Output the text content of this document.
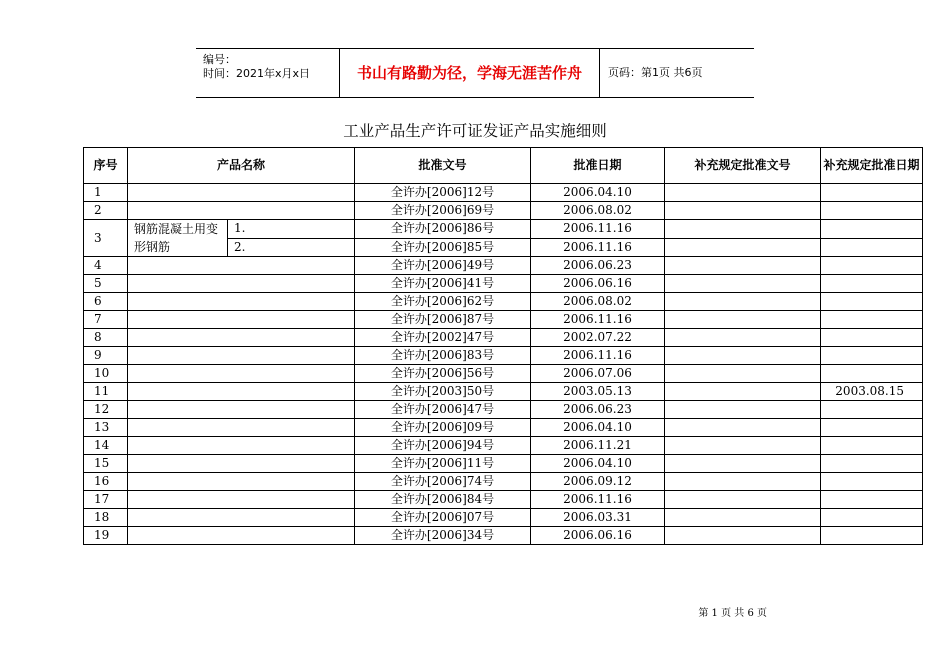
编号：
时间：2021年x月x日	书山有路勤为径，学海无涯苦作舟	页码：第1页 共6页
工业产品生产许可证发证产品实施细则
序号	产品名称		批准文号	批准日期	补充规定批准文号	补充规定批准日期
1			全许办[2006]12号	2006.04.10		
2			全许办[2006]69号	2006.08.02		
3	钢筋混凝土用变形钢筋	1.	全许办[2006]86号	2006.11.16		
		2.	全许办[2006]85号	2006.11.16		
4			全许办[2006]49号	2006.06.23		
5			全许办[2006]41号	2006.06.16		
6			全许办[2006]62号	2006.08.02		
7			全许办[2006]87号	2006.11.16		
8			全许办[2002]47号	2002.07.22		
9			全许办[2006]83号	2006.11.16		
10			全许办[2006]56号	2006.07.06		
11			全许办[2003]50号	2003.05.13		2003.08.15
12			全许办[2006]47号	2006.06.23		
13			全许办[2006]09号	2006.04.10		
14			全许办[2006]94号	2006.11.21		
15			全许办[2006]11号	2006.04.10		
16			全许办[2006]74号	2006.09.12		
17			全许办[2006]84号	2006.11.16		
18			全许办[2006]07号	2006.03.31		
19			全许办[2006]34号	2006.06.16		
第 1 页 共 6 页
